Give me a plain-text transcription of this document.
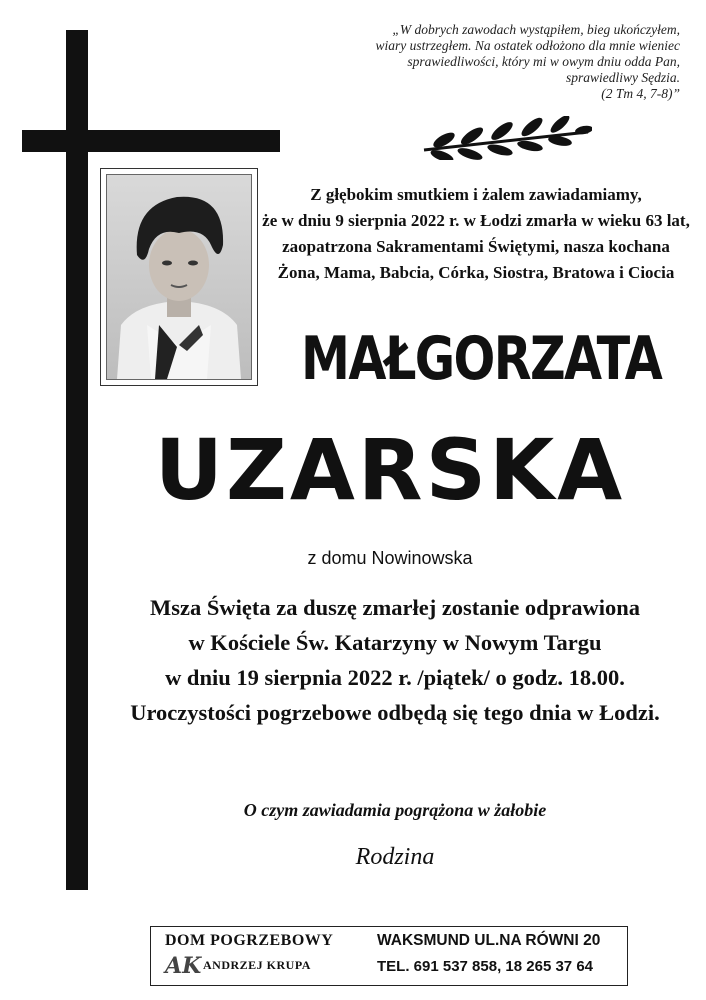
„W dobrych zawodach wystąpiłem, bieg ukończyłem,
wiary ustrzegłem. Na ostatek odłożono dla mnie wieniec
sprawiedliwości, który mi w owym dniu odda Pan,
sprawiedliwy Sędzia.
(2 Tm 4, 7-8)”
Z głębokim smutkiem i żalem zawiadamiamy,
że w dniu 9 sierpnia 2022 r. w Łodzi zmarła w wieku 63 lat,
zaopatrzona Sakramentami Świętymi, nasza kochana
Żona, Mama, Babcia, Córka, Siostra, Bratowa i Ciocia
MAŁGORZATA
UZARSKA
z domu Nowinowska
Msza Święta za duszę zmarłej zostanie odprawiona
w Kościele Św. Katarzyny w Nowym Targu
w dniu 19 sierpnia 2022 r. /piątek/ o godz. 18.00.
Uroczystości pogrzebowe odbędą się tego dnia w Łodzi.
O czym zawiadamia pogrążona w żałobie
Rodzina
DOM POGRZEBOWY
AK ANDRZEJ KRUPA
WAKSMUND UL.NA RÓWNI 20
TEL. 691 537 858, 18 265 37 64
